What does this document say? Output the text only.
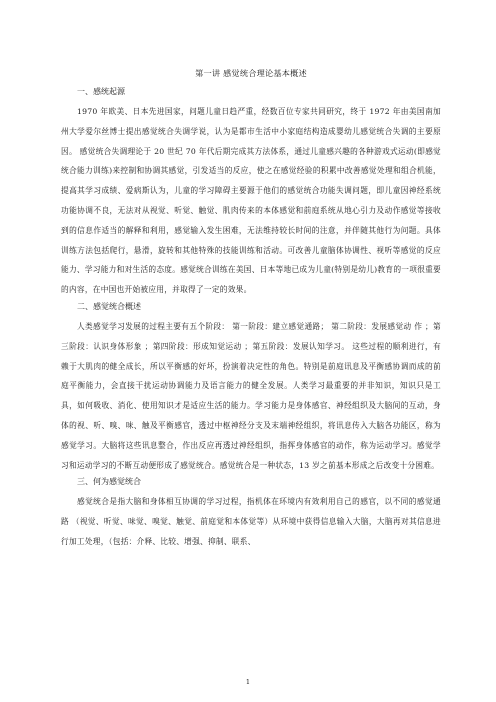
第一讲 感觉统合理论基本概述
一、感统起源

1970 年欧美、日本先进国家，问题儿童日趋严重，经数百位专家共同研究，终于 1972 年由美国南加州大学爱尔丝博士提出感觉统合失调学说，认为是都市生活中小家庭结构造成婴幼儿感觉统合失调的主要原因。 感觉统合失调理论于 20 世纪 70 年代后期完成其方法体系，通过儿童感兴趣的各种游戏式运动(即感觉统合能力训练)来控制和协调其感觉，引发适当的反应，使之在感觉经验的积累中改善感觉处理和组合机能，提高其学习成绩、爱病斯认为，儿童的学习障碍主要源于他们的感觉统合功能失调问题，即儿童因神经系统功能协调不良，无法对从视觉、听觉、触觉、肌肉传来的本体感觉和前庭系统从地心引力及动作感觉等接收到的信息作适当的解释和利用，感觉输入发生困难，无法维持较长时间的注意，并伴随其他行为问题。具体训练方法包括爬行，悬滑，旋转和其他特殊的技能训练和活动。可改善儿童脑体协调性、视听等感觉的反应能力、学习能力和对生活的态度。感觉统合训练在美国、日本等地已成为儿童(特别是幼儿)教育的一项很重要的内容，在中国也开始被应用，并取得了一定的效果。

二、感觉统合概述

人类感觉学习发展的过程主要有五个阶段： 第一阶段：建立感觉通路； 第二阶段：发展感觉动 作 ；第三阶段：认识身体形象 ；第四阶段：形成知觉运动 ；第五阶段：发展认知学习。 这些过程的顺利进行，有赖于大肌肉的健全成长，所以平衡感的好坏，扮演着决定性的角色。特别是前庭讯息及平衡感协调而成的前庭平衡能力，会直接干扰运动协调能力及语言能力的健全发展。人类学习最重要的并非知识，知识只是工具，如何吸收、消化、使用知识才是适应生活的能力。学习能力是身体感官、神经组织及大脑间的互动，身体的视、听、嗅、味、触及平衡感官，透过中枢神经分支及末端神经组织，将讯息传入大脑各功能区，称为感觉学习。大脑将这些讯息整合，作出反应再透过神经组织，指挥身体感官的动作，称为运动学习。感觉学习和运动学习的不断互动便形成了感觉统合。感觉统合是一种状态，13 岁之前基本形成之后改变十分困难。

三、何为感觉统合

感觉统合是指大脑和身体相互协调的学习过程，指机体在环境内有效利用自己的感官，以不同的感觉通路 （视觉、听觉、味觉、嗅觉、触觉、前庭觉和本体觉等）从环境中获得信息输入大脑，大脑再对其信息进行加工处理，（包括：介释、比较、增强、抑制、联系、

1
